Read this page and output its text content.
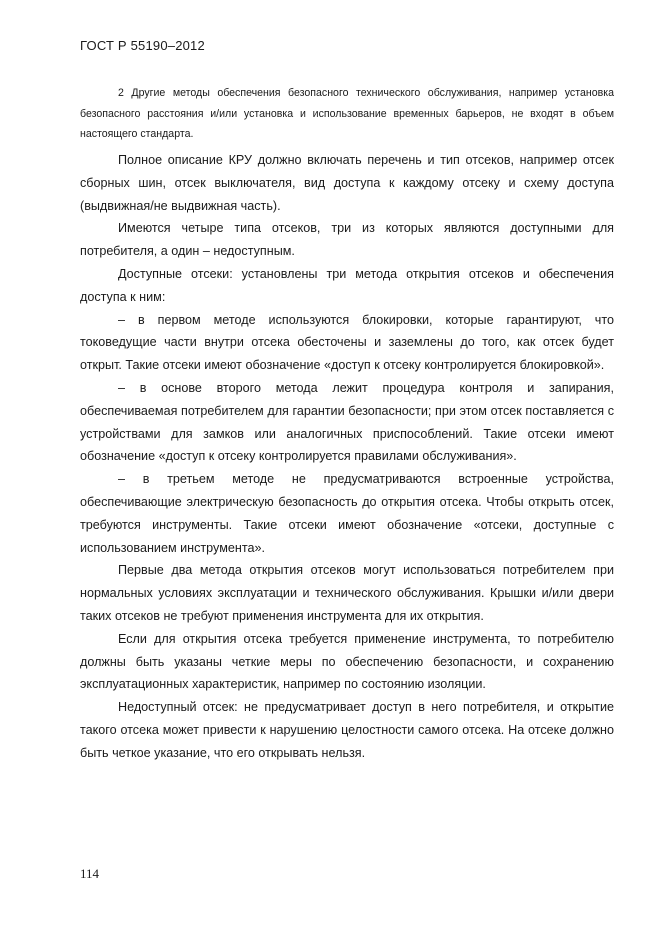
ГОСТ Р 55190–2012

2 Другие методы обеспечения безопасного технического обслуживания, например установка безопасного расстояния и/или установка и использование временных барьеров, не входят в объем настоящего стандарта.

Полное описание КРУ должно включать перечень и тип отсеков, например отсек сборных шин, отсек выключателя, вид доступа к каждому отсеку и схему доступа (выдвижная/не выдвижная часть).

Имеются четыре типа отсеков, три из которых являются доступными для потребителя, а один – недоступным.

Доступные отсеки: установлены три метода открытия отсеков и обеспечения доступа к ним:

– в первом методе используются блокировки, которые гарантируют, что токоведущие части внутри отсека обесточены и заземлены до того, как отсек будет открыт. Такие отсеки имеют обозначение «доступ к отсеку контролируется блокировкой».

– в основе второго метода лежит процедура контроля и запирания, обеспечиваемая потребителем для гарантии безопасности; при этом отсек поставляется с устройствами для замков или аналогичных приспособлений. Такие отсеки имеют обозначение «доступ к отсеку контролируется правилами обслуживания».

– в третьем методе не предусматриваются встроенные устройства, обеспечивающие электрическую безопасность до открытия отсека. Чтобы открыть отсек, требуются инструменты. Такие отсеки имеют обозначение «отсеки, доступные с использованием инструмента».

Первые два метода открытия отсеков могут использоваться потребителем при нормальных условиях эксплуатации и технического обслуживания. Крышки и/или двери таких отсеков не требуют применения инструмента для их открытия.

Если для открытия отсека требуется применение инструмента, то потребителю должны быть указаны четкие меры по обеспечению безопасности, и сохранению эксплуатационных характеристик, например по состоянию изоляции.

Недоступный отсек: не предусматривает доступ в него потребителя, и открытие такого отсека может привести к нарушению целостности самого отсека. На отсеке должно быть четкое указание, что его открывать нельзя.

114
